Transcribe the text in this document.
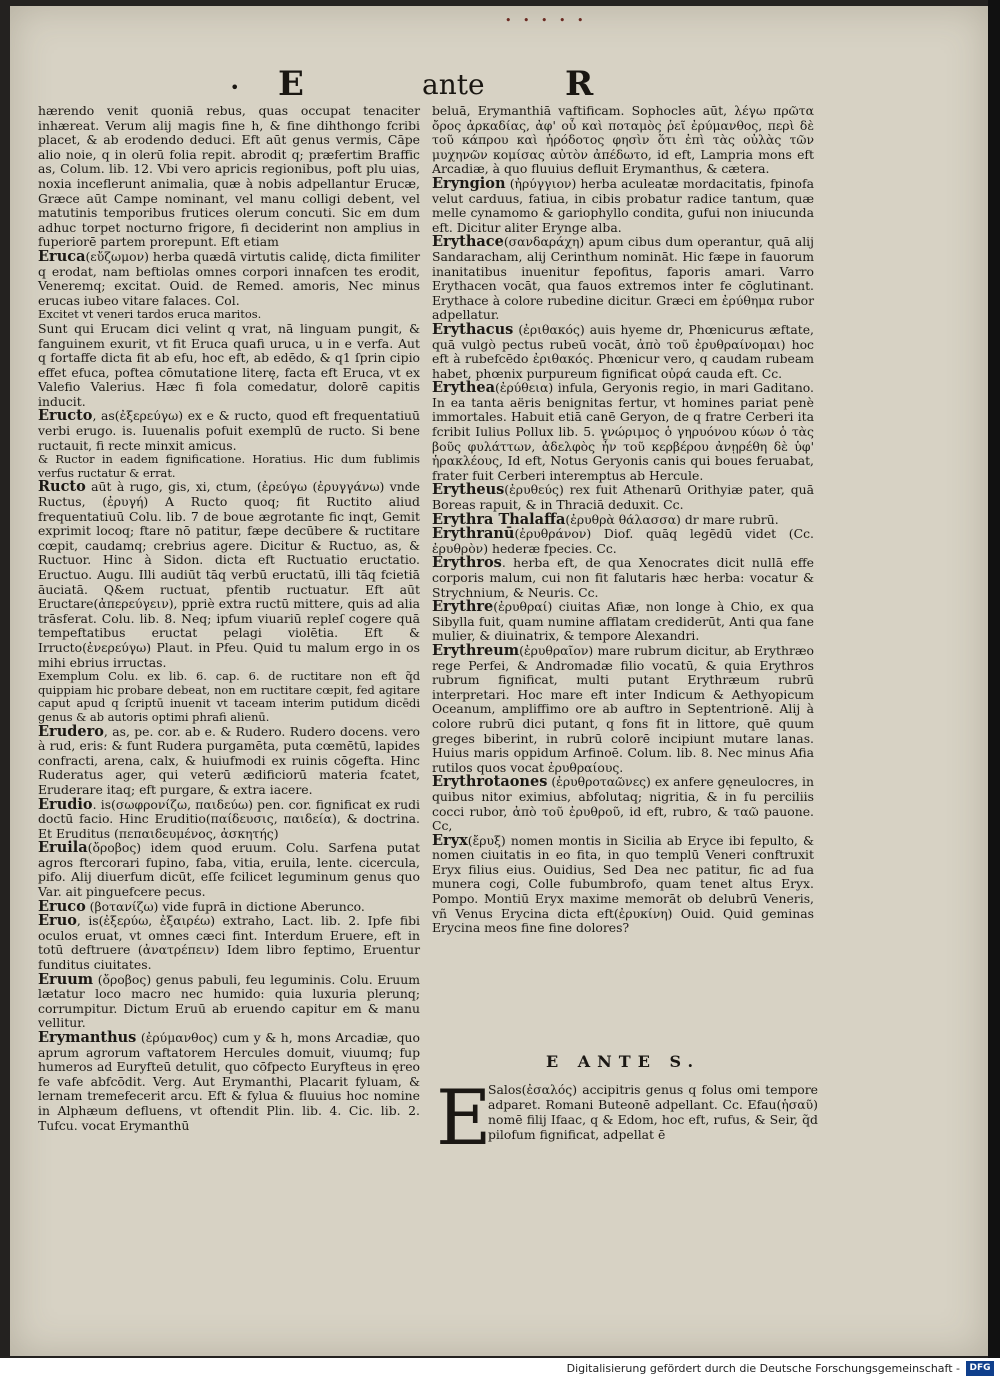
• • • • •
• E	ante R

hærendo venit quoniā rebus, quas occupat tenaciter inhæreat. Verum alij magis fine h, & fine dihthongo fcribi placet, & ab erodendo deduci. Eft aūt genus vermis, Cāpe alio noie, q in olerū folia repit. abrodit q; præfertim Braffic as, Colum. lib. 12. Vbi vero apricis regionibus, poft plu uias, noxia inceflerunt animalia, quæ à nobis adpellantur Erucæ, Græce aūt Campe nominant, vel manu colligi debent, vel matutinis temporibus frutices olerum concuti. Sic em dum adhuc torpet nocturno frigore, fi deciderint non amplius in fuperiorē partem prorepunt. Eft etiam

Eruca(εὔζωμον) herba quædā virtutis calidę, dicta fimiliter q erodat, nam beftiolas omnes corpori innafcen tes erodit, Veneremq; excitat. Ouid. de Remed. amoris, Nec minus erucas iubeo vitare falaces. Col.

Excitet vt veneri tardos eruca maritos.

Sunt qui Erucam dici velint q vrat, nā linguam pungit, & fanguinem exurit, vt fit Eruca quafi uruca, u in e verfa. Aut q fortaffe dicta fit ab efu, hoc eft, ab edēdo, & q1 ſprin cipio effet efuca, poftea cōmutatione literę, facta eft Eruca, vt ex Valefio Valerius. Hæc fi fola comedatur, dolorē capitis inducit.

Eructo, as(ἐξερεύγω) ex e & ructo, quod eft frequentatiuū verbi erugo. is. Iuuenalis pofuit exemplū de ructo. Si bene ructauit, fi recte minxit amicus.

& Ructor in eadem fignificatione. Horatius. Hic dum fublimis verfus ructatur & errat.

Ructo aūt à rugo, gis, xi, ctum, (ἐρεύγω (ἐρυγγάνω) vnde Ructus, (ἐρυγή) A Ructo quoq; fit Ructito aliud frequentatiuū Colu. lib. 7 de boue ægrotante fic inqt, Gemit exprimit locoq; ftare nō patitur, fæpe decūbere & ructitare cœpit, caudamq; crebrius agere. Dicitur & Ructuo, as, & Ructuor. Hinc à Sidon. dicta eft Ructuatio eructatio. Eructuo. Augu. Illi audiūt tāq verbū eructatū, illi tāq fcietiā āuciatā. Q&em ructuat, pfentib ructuatur. Eft aūt Eructare(ἀπερεύγειν), ppriè extra ructū mittere, quis ad alia trāsferat. Colu. lib. 8. Neq; ipfum viuariū repleſ cogere quā tempeftatibus eructat pelagi violētia. Eft & Irructo(ἐνερεύγω) Plaut. in Pfeu. Quid tu malum ergo in os mihi ebrius irructas.

Exemplum Colu. ex lib. 6. cap. 6. de ructitare non eft q̃d quippiam hic probare debeat, non em ructitare cœpit, fed agitare caput apud q ſcriptū inuenit vt taceam interim putidum dicēdi genus & ab autoris optimi phrafi alienū.

Erudero, as, pe. cor. ab e. & Rudero. Rudero docens. vero à rud, eris: & funt Rudera purgamēta, puta cœmētū, lapides confracti, arena, calx, & huiufmodi ex ruinis cōgefta. Hinc Ruderatus ager, qui veterū ædificiorū materia fcatet, Eruderare itaq; eft purgare, & extra iacere.

Erudio. is(σωφρονίζω, παιδεύω) pen. cor. fignificat ex rudi doctū facio. Hinc Eruditio(παίδευσις, παιδεία), & doctrina. Et Eruditus (πεπαιδευμένος, ἀσκητής)

Eruila(ὄροβος) idem quod eruum. Colu. Sarfena putat agros ftercorari fupino, faba, vitia, eruila, lente. cicercula, pifo. Alij diuerfum dicūt, eſſe fcilicet leguminum genus quo Var. ait pinguefcere pecus.

Eruco (βοτανίζω) vide fuprā in dictione Aberunco.

Eruo, is(ἐξερύω, ἐξαιρέω) extraho, Lact. lib. 2. Ipfe fibi oculos eruat, vt omnes cæci fint. Interdum Eruere, eft in totū deftruere (ἀνατρέπειν) Idem libro feptimo, Eruentur funditus ciuitates.

Eruum (ὄροβος) genus pabuli, feu leguminis. Colu. Eruum lætatur loco macro nec humido: quia luxuria plerunq; corrumpitur. Dictum Eruū ab eruendo capitur em & manu vellitur.

Erymanthus (ἐρύμανθος) cum y & h, mons Arcadiæ, quo aprum agrorum vaftatorem Hercules domuit, viuumq; fup humeros ad Euryfteū detulit, quo cōfpecto Euryfteus in ęreo fe vafe abfcōdit. Verg. Aut Erymanthi, Placarit fyluam, & lernam tremefecerit arcu. Eft & fylua & fluuius hoc nomine in Alphæum defluens, vt oftendit Plin. lib. 4. Cic. lib. 2. Tufcu. vocat Erymanthū

beluā, Erymanthiā vaftificam. Sophocles aūt, λέγω πρῶτα ὄρος ἀρκαδίας, ἀφ' οὗ καὶ ποταμὸς ῥεῖ ἐρύμανθος, περὶ δὲ τοῦ κάπρου καὶ ἡρόδοτος φησὶν ὅτι ἐπὶ τὰς οὐλὰς τῶν μυχηνῶν κομίσας αὐτὸν ἀπέδωτο, id eft, Lampria mons eft Arcadiæ, à quo fluuius defluit Erymanthus, & cætera.

Eryngion (ἠρύγγιον) herba aculeatæ mordacitatis, fpinofa velut carduus, fatiua, in cibis probatur radice tantum, quæ melle cynamomo & gariophyllo condita, gufui non iniucunda eft. Dicitur aliter Erynge alba.

Erythace(σανδαράχη) apum cibus dum operantur, quā alij Sandaracham, alij Cerinthum nomināt. Hic fæpe in fauorum inanitatibus inuenitur fepofitus, faporis amari. Varro Erythacen vocāt, qua fauos extremos inter fe cōglutinant. Erythace à colore rubedine dicitur. Græci em ἐρύθημα rubor adpellatur.

Erythacus (ἐριθακός) auis hyeme dr, Phœnicurus æftate, quā vulgò pectus rubeū vocāt, ἀπὸ τοῦ ἐρυθραίνομαι) hoc eft à rubefcēdo ἐριθακός. Phœnicur vero, q caudam rubeam habet, phœnix purpureum fignificat οὐρά cauda eft. Cc.

Erythea(ἐρύθεια) infula, Geryonis regio, in mari Gaditano. In ea tanta aëris benignitas fertur, vt homines pariat penè immortales. Habuit etiā canē Geryon, de q fratre Cerberi ita fcribit Iulius Pollux lib. 5. γνώριμος ὁ γηρυόνου κύων ὁ τὰς βοῦς φυλάττων, ἀδελφὸς ἦν τοῦ κερβέρου ἀνῃρέθη δὲ ὑφ' ἡρακλέους, Id eft, Notus Geryonis canis qui boues feruabat, frater fuit Cerberi interemptus ab Hercule.

Erytheus(ἐρυθεύς) rex fuit Athenarū Orithyiæ pater, quā Boreas rapuit, & in Thraciā deduxit. Cc.

Erythra Thalaffa(ἐρυθρὰ θάλασσα) dr mare rubrū.

Erythranū(ἐρυθράνον) Diof. quāq legēdū videt (Cc. ἐρυθρὸν) hederæ fpecies. Cc.

Erythros. herba eft, de qua Xenocrates dicit nullā effe corporis malum, cui non fit falutaris hæc herba: vocatur & Strychnium, & Neuris. Cc.

Erythre(ἐρυθραί) ciuitas Afiæ, non longe à Chio, ex qua Sibylla fuit, quam numine afflatam crediderūt, Anti qua fane mulier, & diuinatrix, & tempore Alexandri.

Erythreum(ἐρυθραῖον) mare rubrum dicitur, ab Erythræo rege Perfei, & Andromadæ filio vocatū, & quia Erythros rubrum fignificat, multi putant Erythræum rubrū interpretari. Hoc mare eft inter Indicum & Aethyopicum Oceanum, ampliffimo ore ab auftro in Septentrionē. Alij à colore rubrū dici putant, q fons fit in littore, quē quum greges biberint, in rubrū colorē incipiunt mutare lanas. Huius maris oppidum Arfinoē. Colum. lib. 8. Nec minus Afia rutilos quos vocat ἐρυθραίους.

Erythrotaones (ἐρυθροταῶνες) ex anfere gęneulocres, in quibus nitor eximius, abfolutaq; nigritia, & in fu perciliis cocci rubor, ἀπὸ τοῦ ἐρυθροῦ, id eft, rubro, & ταῶ pauone. Cc,

Eryx(ἔρυξ) nomen montis in Sicilia ab Eryce ibi fepulto, & nomen ciuitatis in eo fita, in quo templū Veneri conftruxit Eryx filius eius. Ouidius, Sed Dea nec patitur, fic ad fua munera cogi, Colle fubumbrofo, quam tenet altus Eryx. Pompo. Montiū Eryx maxime memorāt ob delubrū Veneris, vñ Venus Erycina dicta eft(ἐρυκίνη) Ouid. Quid geminas Erycina meos fine fine dolores?

E ANTE S.
E
Salos(ἐσαλός) accipitris genus q folus omi tempore adparet. Romani Buteonē adpellant. Cc. Efau(ἡσαῦ) nomē filij Ifaac, q & Edom, hoc eft, rufus, & Seir, q̃d pilofum fignificat, adpellat ē
Digitalisierung gefördert durch die Deutsche Forschungsgemeinschaft -	DFG
